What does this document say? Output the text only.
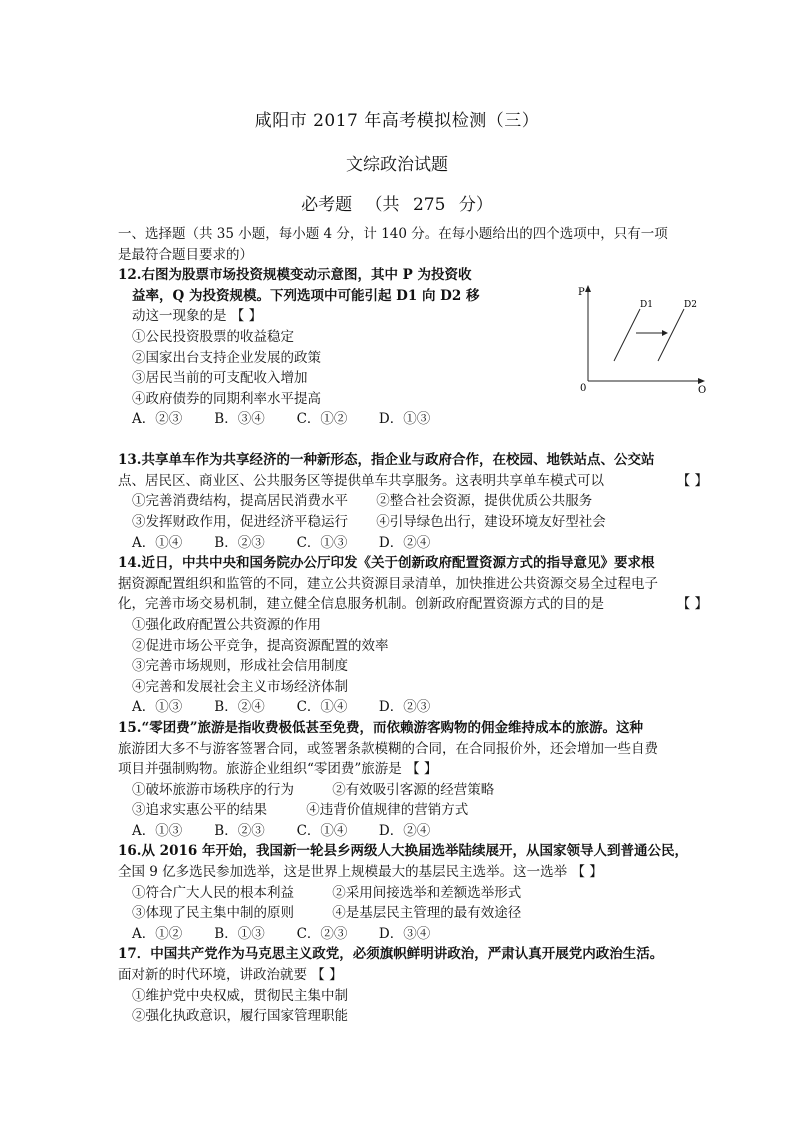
咸阳市 2017 年高考模拟检测（三）
文综政治试题
必考题 （共 275 分）
一、选择题（共 35 小题，每小题 4 分，计 140 分。在每小题给出的四个选项中，只有一项
是最符合题目要求的）
12.右图为股票市场投资规模变动示意图，其中 P 为投资收
益率，Q 为投资规模。下列选项中可能引起 D1 向 D2 移
动这一现象的是 【 】
①公民投资股票的收益稳定
②国家出台支持企业发展的政策
③居民当前的可支配收入增加
④政府债券的同期利率水平提高
A．②③ B．③④ C．①② D．①③
P
Q
0
D1	D2
13.共享单车作为共享经济的一种新形态，指企业与政府合作，在校园、地铁站点、公交站
点、居民区、商业区、公共服务区等提供单车共享服务。这表明共享单车模式可以	【 】
①完善消费结构，提高居民消费水平 ②整合社会资源，提供优质公共服务
③发挥财政作用，促进经济平稳运行 ④引导绿色出行，建设环境友好型社会
A．①④ B．②③ C．①③ D．②④
14.近日，中共中央和国务院办公厅印发《关于创新政府配置资源方式的指导意见》要求根
据资源配置组织和监管的不同，建立公共资源目录清单，加快推进公共资源交易全过程电子
化，完善市场交易机制，建立健全信息服务机制。创新政府配置资源方式的目的是	【 】
①强化政府配置公共资源的作用
②促进市场公平竞争，提高资源配置的效率
③完善市场规则，形成社会信用制度
④完善和发展社会主义市场经济体制
A．①③ B．②④ C．①④ D．②③
15.“零团费”旅游是指收费极低甚至免费，而依赖游客购物的佣金维持成本的旅游。这种
旅游团大多不与游客签署合同，或签署条款模糊的合同，在合同报价外，还会增加一些自费
项目并强制购物。旅游企业组织“零团费”旅游是 【 】
①破坏旅游市场秩序的行为	②有效吸引客源的经营策略
③追求实惠公平的结果	④违背价值规律的营销方式
A．①③ B．②③ C．①④ D．②④
16.从 2016 年开始，我国新一轮县乡两级人大换届选举陆续展开，从国家领导人到普通公民，
全国 9 亿多选民参加选举，这是世界上规模最大的基层民主选举。这一选举 【 】
①符合广大人民的根本利益	②采用间接选举和差额选举形式
③体现了民主集中制的原则	④是基层民主管理的最有效途径
A．①② B．①③ C．②③ D．③④
17．中国共产党作为马克思主义政党，必须旗帜鲜明讲政治，严肃认真开展党内政治生活。
面对新的时代环境，讲政治就要 【 】
①维护党中央权威，贯彻民主集中制
②强化执政意识，履行国家管理职能
